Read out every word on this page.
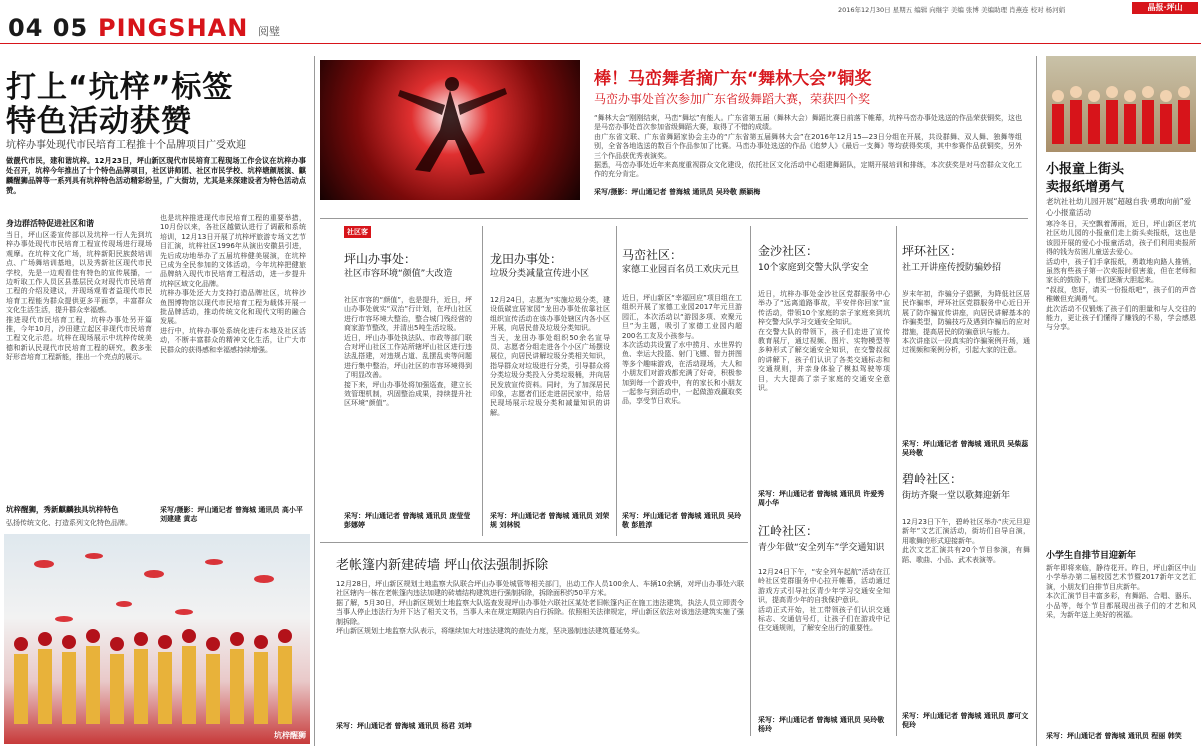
04 05 PINGSHAN 阅璧
2016年12月30日 星期五 编辑 向继宇 美编 张博 美编助理 肖燕连 校对 杨河娟	晶报·坪山
打上“坑梓”标签
特色活动获赞
坑梓办事处现代市民培育工程推十个品牌项目广受欢迎
做靓代市民，建和谐坑梓。12月23日，坪山新区现代市民培育工程现场工作会议在坑梓办事处召开，坑梓今年推出了十个特色品牌项目，社区讲师团、社区市民学校、坑梓塘颜展演、麒麟醒狮品牌等一系列具有坑梓特色活动精彩纷呈，广大街坊，尤其是来深建设者为特色活动点赞。
身边群活特促进社区和谐
当日，坪山区委宣传部以及坑梓一行人先到坑梓办事处现代市民培育工程宣传现场进行现场观摩。在坑梓文化广场，坑梓新阳民族鼓培训点、广场舞培训基地，以及秀新社区现代市民学校，先是一边观看佳有特色的宣传展播，一边听取工作人员区县基层民众对现代市民培育工程的介绍及建议，并现场观看者益现代市民培育工程能为群众提供更多平面享，丰富群众文化生活生活，提升群众幸福感。
推进现代市民培育工程，坑梓办事处另开篇推，今年10月，沙田建立起区非现代市民培育工程文化示范。坑梓在现场展示中坑梓传统美德和新认民现代市民培育工程的研究，教多张好形音培育工程新能，推出一个亮点的展示。
也是坑梓推进现代市民培育工程的重要举措，10月份以来，各社区越做认进行了调蔽和系统培训，12月13日开展了坑梓坪旅游专场文艺节目汇演，坑梓社区1996年从演出安徽县引进，先后成功地举办了五届坑梓健美展演，在坑梓已成为全民参加的文体活动，今年坑梓把健旅品牌纳入现代市民培育工程活动，进一步提升坑梓区域文化品牌。
坑梓办事处还大力支持打造品牌社区，坑梓沙鱼图博物馆以现代市民培育工程为载体开展一批品牌活动，推动传统文化和现代文明的融合发展。
进行中，坑梓办事处系统化进行本地及社区活动，不断丰富群众的精神文化生活，让广大市民群众的获得感和幸福感持续增强。
采写/摄影：坪山通记者 曾海城 通讯员 高小平 刘建建 黄志
坑梓醒狮，秀新麒麟独具坑梓特色
弘扬传统文化、打造系列文化特色品牌。
坑梓醒狮
棒！马峦舞者摘广东“舞林大会”铜奖
马峦办事处首次参加广东省级舞蹈大赛，荣获四个奖
“舞林大会”刚刚结束，马峦“舞坛”有能人。广东省第五届（舞林大会）舞蹈比赛日前落下帷幕，坑梓马峦办事处选送的作品荣获铜奖，这也是马峦办事处首次参加省级舞蹈大赛，取得了不错的成绩。
由广东省文联、广东省舞蹈家协会主办的“广东省第五届舞林大会”在2016年12月15—23日分组在开展，共设群舞、双人舞、独舞等组别，全省各地选送的数百个作品参加了比赛。马峦办事处选送的作品《追梦人》《最后一支舞》等均获得奖项，其中参赛作品获铜奖，另外三个作品获优秀表演奖。
据悉，马峦办事处近年来高度重视群众文化建设，依托社区文化活动中心组建舞蹈队，定期开展培训和排练，本次获奖是对马峦群众文化工作的充分肯定。
采写/摄影：坪山通记者 曾海城 通讯员 吴玲敬 颜颖梅
社区客
坪山办事处：
社区市容环境“颜值”大改造
社区市容的“颜值”，也是提升，近日，坪山办事处就实“双治”行计划，在坪山社区进行市容环境大整治，整合城门残经营的商家游节整改，并清出5吨生活垃圾。
近日，坪山办事处执法队、市政等部门联合对坪山社区工作站所辖坪山社区进行违法乱搭建，对违规占道、乱摆乱卖等问题进行集中整治，坪山社区的市容环境得到了明显改善。
接下来，坪山办事处将加强巡查，建立长效管理机制，巩固整治成果，持续提升社区环境“颜值”。
采写：坪山通记者 曾海城 通讯员 庞莹莹 彭娜婷
龙田办事处：
垃圾分类减量宣传进小区
12月24日，志愿为“实施垃圾分类，建设低碳宜居家园”龙田办事处依靠社区组织宣传活动在该办事处辖区内各小区开展，向居民普及垃圾分类知识。
当天，龙田办事处组织50余名宣导员、志愿者分组走进各个小区广场摆设展位，向居民讲解垃圾分类相关知识，指导群众对垃圾进行分类，引导群众将分类垃圾分类投入分类垃圾桶，并向居民发放宣传资料。同时，为了加深居民印象，志愿者们还走进居民家中，给居民现场展示垃圾分类和减量知识的讲解。
采写：坪山通记者 曾海城 通讯员 刘荣规 刘林锐
马峦社区：
家德工业园百名员工欢庆元旦
近日，坪山新区“幸福回应”项目组在工组织开展了家德工业园2017年元旦游园汇，本次活动以“游园多项、欢聚元旦”为主题，吸引了家德工业园内超200名工友及小孩参与。
本次活动共设置了水中捞月、水世界钓鱼、幸运大投篮、射门飞镖、智力拼图等多个趣味游戏，在活动现场，大人和小朋友们对游戏都充满了好奇，积极参加到每一个游戏中，有的家长和小朋友一起参与到活动中，一起做游戏赢取奖品，享受节日欢乐。
采写：坪山通记者 曾海城 通讯员 吴玲敬 彭胜淳
金沙社区：
10个家庭到交警大队学安全
近日，坑梓办事处金沙社区党群服务中心举办了“远离道路事故，平安伴你回家”宣传活动，带领10个家庭的亲子家庭来到坑梓交警大队学习交通安全知识。
在交警大队的带领下，孩子们走进了宣传教育展厅，通过视频、图片、实物模型等多种形式了解交通安全知识，在交警叔叔的讲解下，孩子们认识了各类交通标志和交通规则，并亲身体验了模拟驾驶等项目，大大提高了亲子家庭的交通安全意识。
采写：坪山通记者 曾海城 通讯员 许爱秀 周小华
江岭社区：
青少年做“安全列车”学交通知识
12月24日下午，“安全列车起航”活动在江岭社区党群服务中心拉开帷幕，活动通过游戏方式引导社区青少年学习交通安全知识，提高青少年的自我保护意识。
活动正式开始，社工带领孩子们认识交通标志、交通信号灯，让孩子们在游戏中记住交通规则，了解安全出行的重要性。
采写：坪山通记者 曾海城 通讯员 吴玲敬 杨玲
坪环社区：
社工开讲座传授防骗妙招
岁末年初，诈骗分子猖獗，为降低社区居民诈骗率，坪环社区党群服务中心近日开展了防诈骗宣传讲座，向居民讲解基本的诈骗类型，防骗技巧及遇到诈骗后的应对措施，提高居民的防骗意识与能力。
本次讲座以一段真实的诈骗案例开场，通过视频和案例分析，引起大家的注意。
采写：坪山通记者 曾海城 通讯员 吴柴蕊 吴玲敬
碧岭社区：
街坊齐聚一堂以歌舞迎新年
12月23日下午，碧岭社区举办“庆元旦迎新年”文艺汇演活动，街坊们自导自演，用歌舞的形式迎接新年。
此次文艺汇演共有20个节目参演，有舞蹈、歌曲、小品、武术表演等。
采写：坪山通记者 曾海城 通讯员 廖可文 倪玲
老帐篷内新建砖墙 坪山依法强制拆除
12月28日，坪山新区规划土地监察大队联合坪山办事处城管等相关部门，出动工作人员100余人、车辆10余辆，对坪山办事处六联社区辖内一栋在老帐篷内违法加建的砖墙结构建筑进行强制拆除，拆除面积约50平方米。
据了解，5月30日，坪山新区规划土地监察大队巡查发现坪山办事处六联社区某处老旧帐篷内正在施工违法建筑，执法人员立即责令当事人停止违法行为并下达了相关文书，当事人未在规定期限内自行拆除。依照相关法律规定，坪山新区依法对该违法建筑实施了强制拆除。
坪山新区规划土地监察大队表示，将继续加大对违法建筑的查处力度，坚决遏制违法建筑蔓延势头。
采写：坪山通记者 曾海城 通讯员 杨君 刘坤
小报童上街头
卖报纸增勇气
老坑社社幼儿园开展“超越自我·勇敢向前”爱心小报童活动
寒冷冬日，天空飘着薄雨，近日，坪山新区老坑社区幼儿园的小报童们走上街头卖报纸，这也是该园开展的爱心小报童活动，孩子们利用卖报所得的钱为贫困儿童送去爱心。
活动中，孩子们手拿报纸，勇敢地向路人推销，虽然有些孩子第一次卖报时很害羞，但在老师和家长的鼓励下，他们逐渐大胆起来。
“叔叔，您好，请买一份报纸吧”，孩子们的声音稚嫩但充满勇气。
此次活动不仅锻炼了孩子们的胆量和与人交往的能力，更让孩子们懂得了赚钱的不易，学会感恩与分享。
小学生自排节目迎新年
新年即将来临，静待花开。昨日，坪山新区中山小学举办第二届校园艺术节暨2017新年文艺汇演，小朋友们自排节目庆新年。
本次汇演节目丰富多彩，有舞蹈、合唱、器乐、小品等，每个节目都展现出孩子们的才艺和风采，为新年送上美好的祝福。
采写：坪山通记者 曾海城 通讯员 程丽 韩笑
